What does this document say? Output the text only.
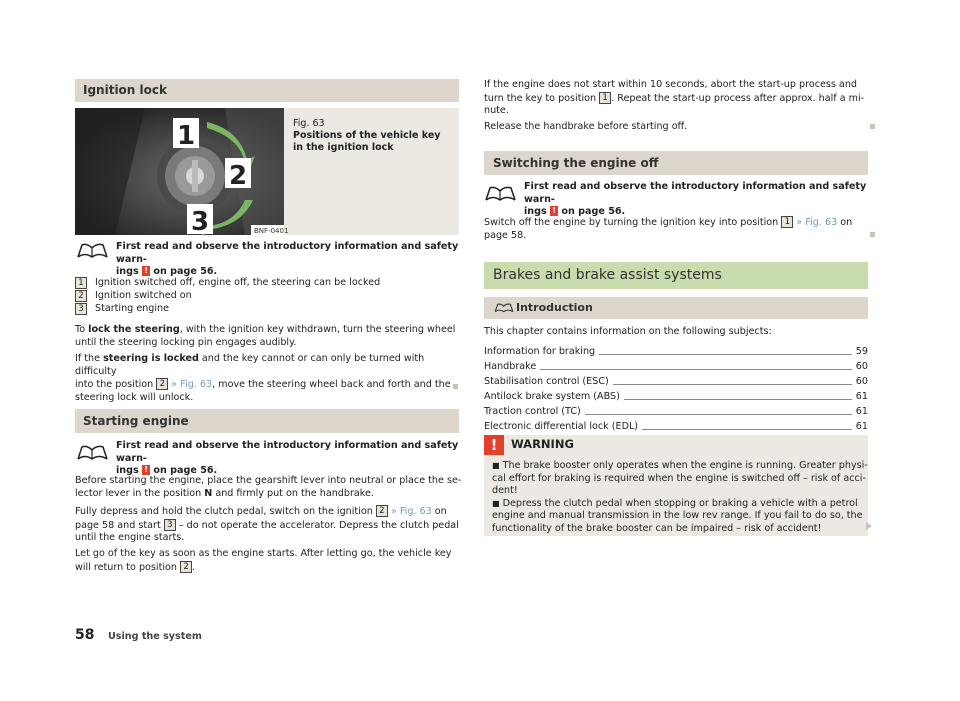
Ignition lock
1
2
3	BNF-0401
Fig. 63
Positions of the vehicle key in the ignition lock
First read and observe the introductory information and safety warn-
ings ! on page 56.
1	Ignition switched off, engine off, the steering can be locked
2	Ignition switched on
3	Starting engine
To lock the steering, with the ignition key withdrawn, turn the steering wheel
until the steering locking pin engages audibly.
If the steering is locked and the key cannot or can only be turned with difficulty
into the position 2 » Fig. 63, move the steering wheel back and forth and the
steering lock will unlock.
Starting engine
First read and observe the introductory information and safety warn-
ings ! on page 56.
Before starting the engine, place the gearshift lever into neutral or place the se-
lector lever in the position N and firmly put on the handbrake.
Fully depress and hold the clutch pedal, switch on the ignition 2 » Fig. 63 on
page 58 and start 3 – do not operate the accelerator. Depress the clutch pedal
until the engine starts.
Let go of the key as soon as the engine starts. After letting go, the vehicle key
will return to position 2 .
58 Using the system
If the engine does not start within 10 seconds, abort the start-up process and
turn the key to position 1 . Repeat the start-up process after approx. half a mi-
nute.
Release the handbrake before starting off.
Switching the engine off
First read and observe the introductory information and safety warn-
ings ! on page 56.
Switch off the engine by turning the ignition key into position 1 » Fig. 63 on
page 58.
Brakes and brake assist systems
Introduction
This chapter contains information on the following subjects:
Information for braking	59
Handbrake	60
Stabilisation control (ESC)	60
Antilock brake system (ABS)	61
Traction control (TC)	61
Electronic differential lock (EDL)	61
!	WARNING
■ The brake booster only operates when the engine is running. Greater physi-
cal effort for braking is required when the engine is switched off – risk of acci-
dent!
■ Depress the clutch pedal when stopping or braking a vehicle with a petrol
engine and manual transmission in the low rev range. If you fail to do so, the
functionality of the brake booster can be impaired – risk of accident!
